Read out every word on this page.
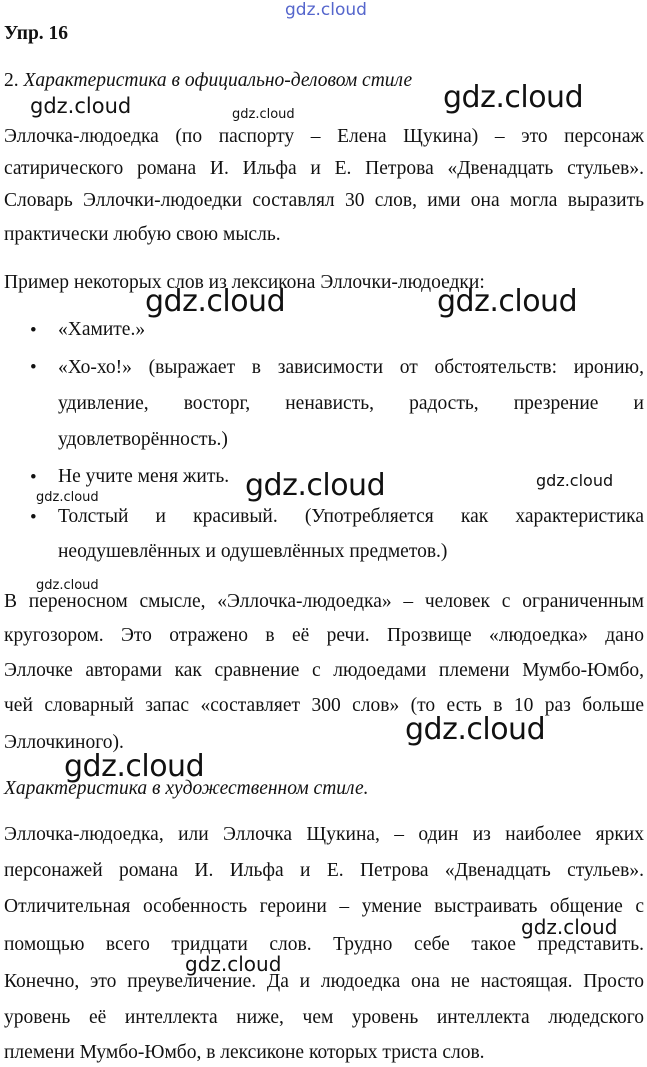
gdz.cloud
gdz.cloud
gdz.cloud	gdz.cloud
gdz.cloud	gdz.cloud
gdz.cloud	gdz.cloud
gdz.cloud
gdz.cloud
gdz.cloud
gdz.cloud
gdz.cloud
gdz.cloud
Упр. 16
2. Характеристика в официально-деловом стиле
Эллочка-людоедка (по паспорту – Елена Щукина) – это персонаж
сатирического романа И. Ильфа и Е. Петрова «Двенадцать стульев».
Словарь Эллочки-людоедки составлял 30 слов, ими она могла выразить
практически любую свою мысль.
Пример некоторых слов из лексикона Эллочки-людоедки:
• «Хамите.»
• «Хо-хо!» (выражает в зависимости от обстоятельств: иронию,
удивление, восторг, ненависть, радость, презрение и
удовлетворённость.)
• Не учите меня жить.
• Толстый и красивый. (Употребляется как характеристика
неодушевлённых и одушевлённых предметов.)
В переносном смысле, «Эллочка-людоедка» – человек с ограниченным
кругозором. Это отражено в её речи. Прозвище «людоедка» дано
Эллочке авторами как сравнение с людоедами племени Мумбо-Юмбо,
чей словарный запас «составляет 300 слов» (то есть в 10 раз больше
Эллочкиного).
Характеристика в художественном стиле.
Эллочка-людоедка, или Эллочка Щукина, – один из наиболее ярких
персонажей романа И. Ильфа и Е. Петрова «Двенадцать стульев».
Отличительная особенность героини – умение выстраивать общение с
помощью всего тридцати слов. Трудно себе такое представить.
Конечно, это преувеличение. Да и людоедка она не настоящая. Просто
уровень её интеллекта ниже, чем уровень интеллекта людедского
племени Мумбо-Юмбо, в лексиконе которых триста слов.
